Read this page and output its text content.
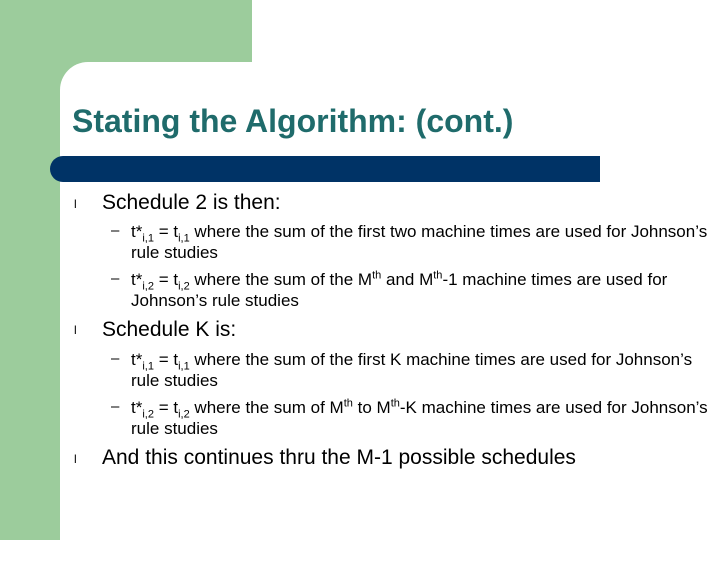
Stating the Algorithm: (cont.)
l Schedule 2 is then:
– $t*_{i,1} = t_{i,1}$ where the sum of the first two machine times are used for Johnson’s rule studies
– $t*_{i,2} = t_{i,2}$ where the sum of the Mth and Mth-1 machine times are used for Johnson’s rule studies
l Schedule K is:
– $t*_{i,1} = t_{i,1}$ where the sum of the first K machine times are used for Johnson’s rule studies
– $t*_{i,2} = t_{i,2}$ where the sum of Mth to Mth-K machine times are used for Johnson’s rule studies
l And this continues thru the M-1 possible schedules
